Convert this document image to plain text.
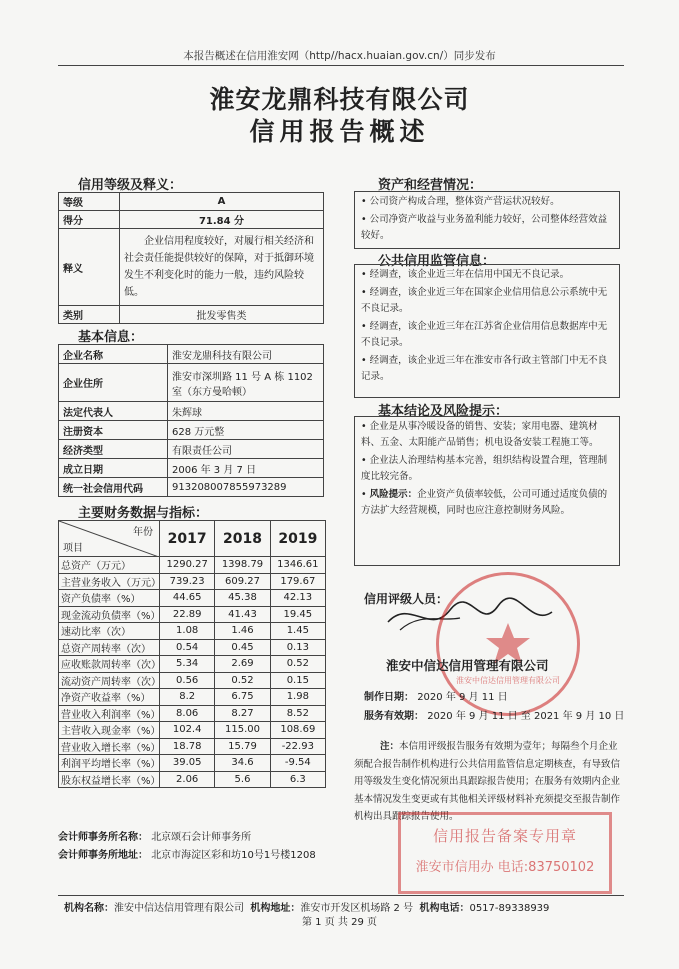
本报告概述在信用淮安网（http//hacx.huaian.gov.cn/）同步发布
淮安龙鼎科技有限公司
信用报告概述
信用等级及释义：
等级	A
得分	71.84 分
释义	企业信用程度较好，对履行相关经济和社会责任能提供较好的保障，对于抵御环境发生不利变化时的能力一般，违约风险较低。
类别	批发零售类
基本信息：
企业名称	淮安龙鼎科技有限公司
企业住所	淮安市深圳路 11 号 A 栋 1102 室（东方曼哈顿）
法定代表人	朱辉球
注册资本	628 万元整
经济类型	有限责任公司
成立日期	2006 年 3 月 7 日
统一社会信用代码	913208007855973289
主要财务数据与指标：
年份
项目	2017	2018	2019
总资产（万元）	1290.27	1398.79	1346.61
主营业务收入（万元）	739.23	609.27	179.67
资产负债率（%）	44.65	45.38	42.13
现金流动负债率（%）	22.89	41.43	19.45
速动比率（次）	1.08	1.46	1.45
总资产周转率（次）	0.54	0.45	0.13
应收账款周转率（次）	5.34	2.69	0.52
流动资产周转率（次）	0.56	0.52	0.15
净资产收益率（%）	8.2	6.75	1.98
营业收入利润率（%）	8.06	8.27	8.52
主营收入现金率（%）	102.4	115.00	108.69
营业收入增长率（%）	18.78	15.79	-22.93
利润平均增长率（%）	39.05	34.6	-9.54
股东权益增长率（%）	2.06	5.6	6.3
会计师事务所名称： 北京颂石会计师事务所
会计师事务所地址： 北京市海淀区彩和坊10号1号楼1208
资产和经营情况：

• 公司资产构成合理，整体资产营运状况较好。

• 公司净资产收益与业务盈利能力较好，公司整体经营效益较好。

公共信用监管信息：

• 经调查，该企业近三年在信用中国无不良记录。

• 经调查，该企业近三年在国家企业信用信息公示系统中无不良记录。

• 经调查，该企业近三年在江苏省企业信用信息数据库中无不良记录。

• 经调查，该企业近三年在淮安市各行政主管部门中无不良记录。

基本结论及风险提示：

• 企业是从事冷暖设备的销售、安装；家用电器、建筑材料、五金、太阳能产品销售；机电设备安装工程施工等。

• 企业法人治理结构基本完善，组织结构设置合理，管理制度比较完备。

• 风险提示：企业资产负债率较低，公司可通过适度负债的方法扩大经营规模，同时也应注意控制财务风险。

信用评级人员：
淮安中信达信用管理有限公司
淮安中信达信用管理有限公司
制作日期： 2020 年 9 月 11 日
服务有效期： 2020 年 9 月 11 日 至 2021 年 9 月 10 日
注：本信用评级报告服务有效期为壹年；每隔叁个月企业须配合报告制作机构进行公共信用监管信息定期核查，有导致信用等级发生变化情况须出具跟踪报告使用；在服务有效期内企业基本情况发生变更或有其他相关评级材料补充须提交至报告制作机构出具跟踪报告使用。
信用报告备案专用章
淮安市信用办 电话:83750102
机构名称：淮安中信达信用管理有限公司 机构地址：淮安市开发区机场路 2 号 机构电话：0517-89338939
第 1 页 共 29 页
